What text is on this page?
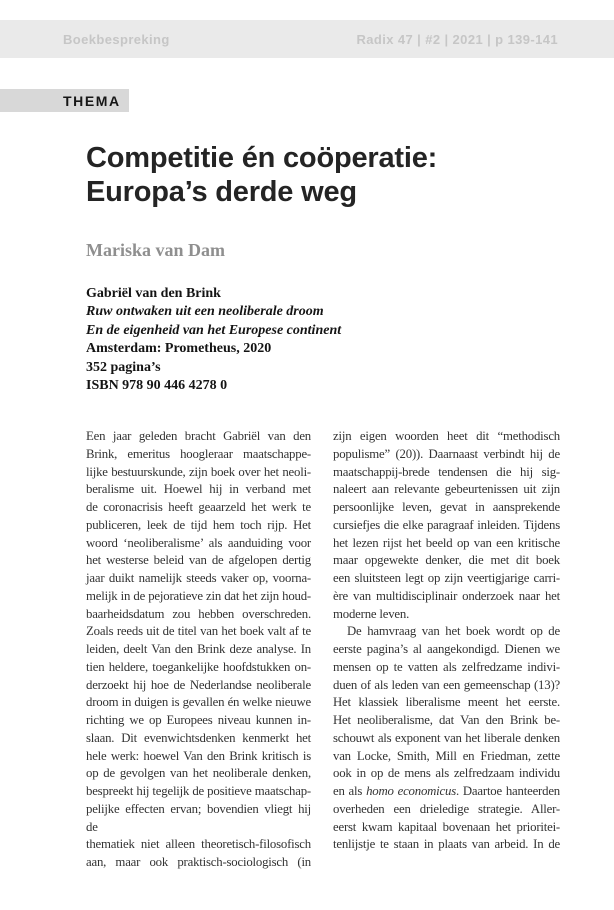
Boekbespreking	Radix 47 | #2 | 2021 | p 139-141
THEMA
Competitie én coöperatie:
Europa’s derde weg
Mariska van Dam
Gabriël van den Brink
Ruw ontwaken uit een neoliberale droom
En de eigenheid van het Europese continent
Amsterdam: Prometheus, 2020
352 pagina’s
ISBN 978 90 446 4278 0
Een jaar geleden bracht Gabriël van den
Brink, emeritus hoogleraar maatschappe-
lijke bestuurskunde, zijn boek over het neoli-
beralisme uit. Hoewel hij in verband met
de coronacrisis heeft geaarzeld het werk te
publiceren, leek de tijd hem toch rijp. Het
woord ‘neoliberalisme’ als aanduiding voor
het westerse beleid van de afgelopen dertig
jaar duikt namelijk steeds vaker op, voorna-
melijk in de pejoratieve zin dat het zijn houd-
baarheidsdatum zou hebben overschreden.
Zoals reeds uit de titel van het boek valt af te
leiden, deelt Van den Brink deze analyse. In
tien heldere, toegankelijke hoofdstukken on-
derzoekt hij hoe de Nederlandse neoliberale
droom in duigen is gevallen én welke nieuwe
richting we op Europees niveau kunnen in-
slaan. Dit evenwichtsdenken kenmerkt het
hele werk: hoewel Van den Brink kritisch is
op de gevolgen van het neoliberale denken,
bespreekt hij tegelijk de positieve maatschap-
pelijke effecten ervan; bovendien vliegt hij de
thematiek niet alleen theoretisch-filosofisch
aan, maar ook praktisch-sociologisch (in
zijn eigen woorden heet dit “methodisch
populisme” (20)). Daarnaast verbindt hij de
maatschappij-brede tendensen die hij sig-
naleert aan relevante gebeurtenissen uit zijn
persoonlijke leven, gevat in aansprekende
cursiefjes die elke paragraaf inleiden. Tijdens
het lezen rijst het beeld op van een kritische
maar opgewekte denker, die met dit boek
een sluitsteen legt op zijn veertigjarige carri-
ère van multidisciplinair onderzoek naar het
moderne leven.
De hamvraag van het boek wordt op de
eerste pagina’s al aangekondigd. Dienen we
mensen op te vatten als zelfredzame indivi-
duen of als leden van een gemeenschap (13)?
Het klassiek liberalisme meent het eerste.
Het neoliberalisme, dat Van den Brink be-
schouwt als exponent van het liberale denken
van Locke, Smith, Mill en Friedman, zette
ook in op de mens als zelfredzaam individu
en als homo economicus. Daartoe hanteerden
overheden een drieledige strategie. Aller-
eerst kwam kapitaal bovenaan het prioritei-
tenlijstje te staan in plaats van arbeid. In de
